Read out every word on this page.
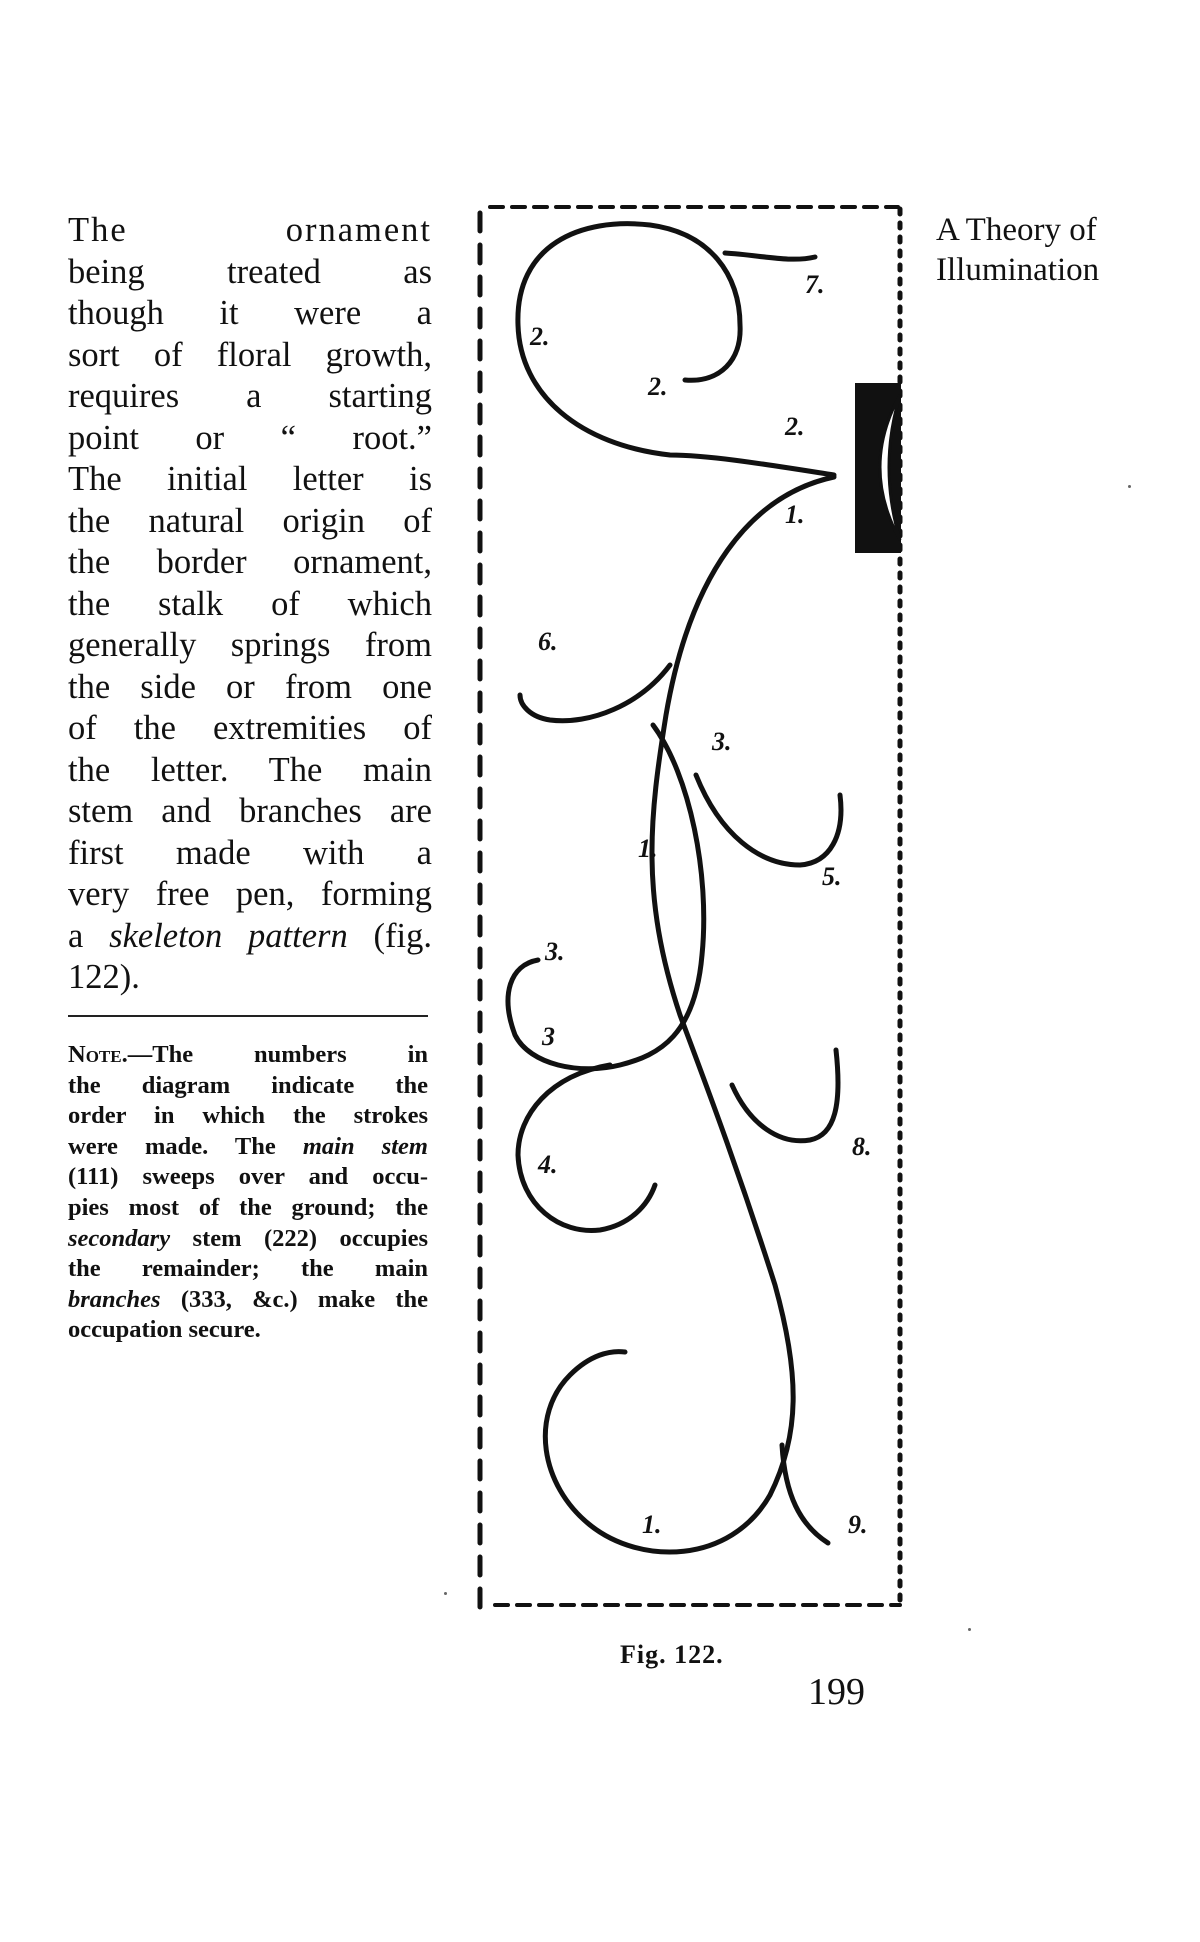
A Theory of
Illumination
The ornament
being treated as
though it were a
sort of floral growth,
requires a starting
point or “ root.”
The initial letter is
the natural origin of
the border ornament,
the stalk of which
generally springs from
the side or from one
of the extremities of
the letter. The main
stem and branches are
first made with a
very free pen, forming
a skeleton pattern (fig.
122).
Note.—The numbers in
the diagram indicate the
order in which the strokes
were made. The main stem
(111) sweeps over and occu-
pies most of the ground; the
secondary stem (222) occupies
the remainder; the main
branches (333, &c.) make the
occupation secure.
7.
2.
2.
2.
1.
6.
3.
5.
1.
3.
3
8.
4.
1.	9.
Fig. 122.
199
